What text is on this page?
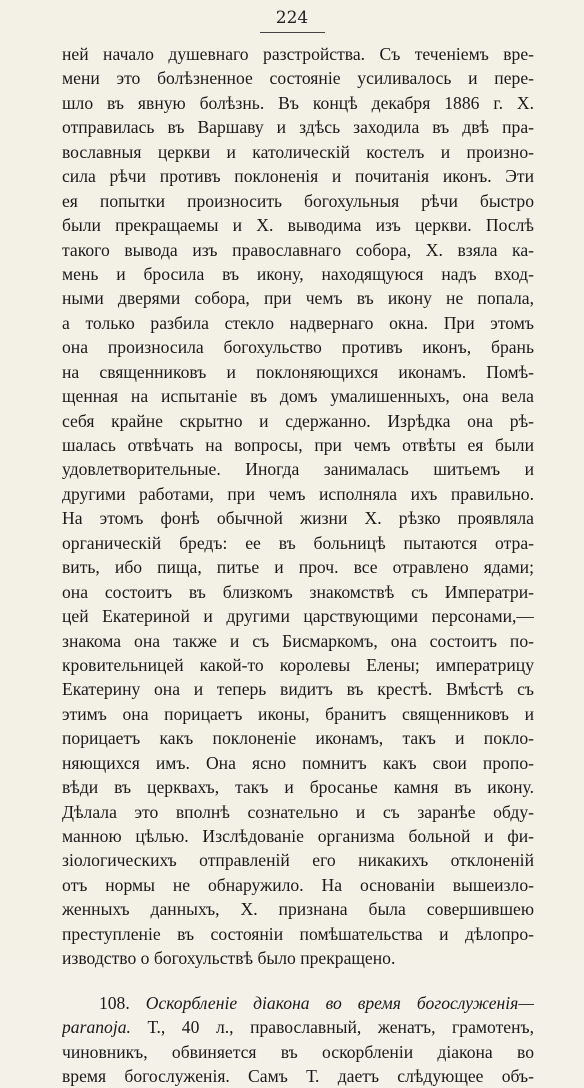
224
ней начало душевнаго разстройства. Съ теченіемъ вре-
мени это болѣзненное состояніе усиливалось и пере-
шло въ явную болѣзнь. Въ концѣ декабря 1886 г. Х.
отправилась въ Варшаву и здѣсь заходила въ двѣ пра-
вославныя церкви и католическій костелъ и произно-
сила рѣчи противъ поклоненія и почитанія иконъ. Эти
ея попытки произносить богохульныя рѣчи быстро
были прекращаемы и Х. выводима изъ церкви. Послѣ
такого вывода изъ православнаго собора, Х. взяла ка-
мень и бросила въ икону, находящуюся надъ вход-
ными дверями собора, при чемъ въ икону не попала,
а только разбила стекло надвернаго окна. При этомъ
она произносила богохульство противъ иконъ, брань
на священниковъ и поклоняющихся иконамъ. Помѣ-
щенная на испытаніе въ домъ умалишенныхъ, она вела
себя крайне скрытно и сдержанно. Изрѣдка она рѣ-
шалась отвѣчать на вопросы, при чемъ отвѣты ея были
удовлетворительные. Иногда занималась шитьемъ и
другими работами, при чемъ исполняла ихъ правильно.
На этомъ фонѣ обычной жизни Х. рѣзко проявляла
органическій бредъ: ее въ больницѣ пытаются отра-
вить, ибо пища, питье и проч. все отравлено ядами;
она состоитъ въ близкомъ знакомствѣ съ Императри-
цей Екатериной и другими царствующими персонами,—
знакома она также и съ Бисмаркомъ, она состоитъ по-
кровительницей какой-то королевы Елены; императрицу
Екатерину она и теперь видитъ въ крестѣ. Вмѣстѣ съ
этимъ она порицаетъ иконы, бранитъ священниковъ и
порицаетъ какъ поклоненіе иконамъ, такъ и покло-
няющихся имъ. Она ясно помнитъ какъ свои пропо-
вѣди въ церквахъ, такъ и бросанье камня въ икону.
Дѣлала это вполнѣ сознательно и съ заранѣе обду-
манною цѣлью. Изслѣдованіе организма больной и фи-
зіологическихъ отправленій его никакихъ отклоненій
отъ нормы не обнаружило. На основаніи вышеизло-
женныхъ данныхъ, Х. признана была совершившею
преступленіе въ состояніи помѣшательства и дѣлопро-
изводство о богохульствѣ было прекращено.
108. Оскорбленіе діакона во время богослуженія—
paranoja. Т., 40 л., православный, женатъ, грамотенъ,
чиновникъ, обвиняется въ оскорбленіи діакона во
время богослуженія. Самъ Т. даетъ слѣдующее объ-
